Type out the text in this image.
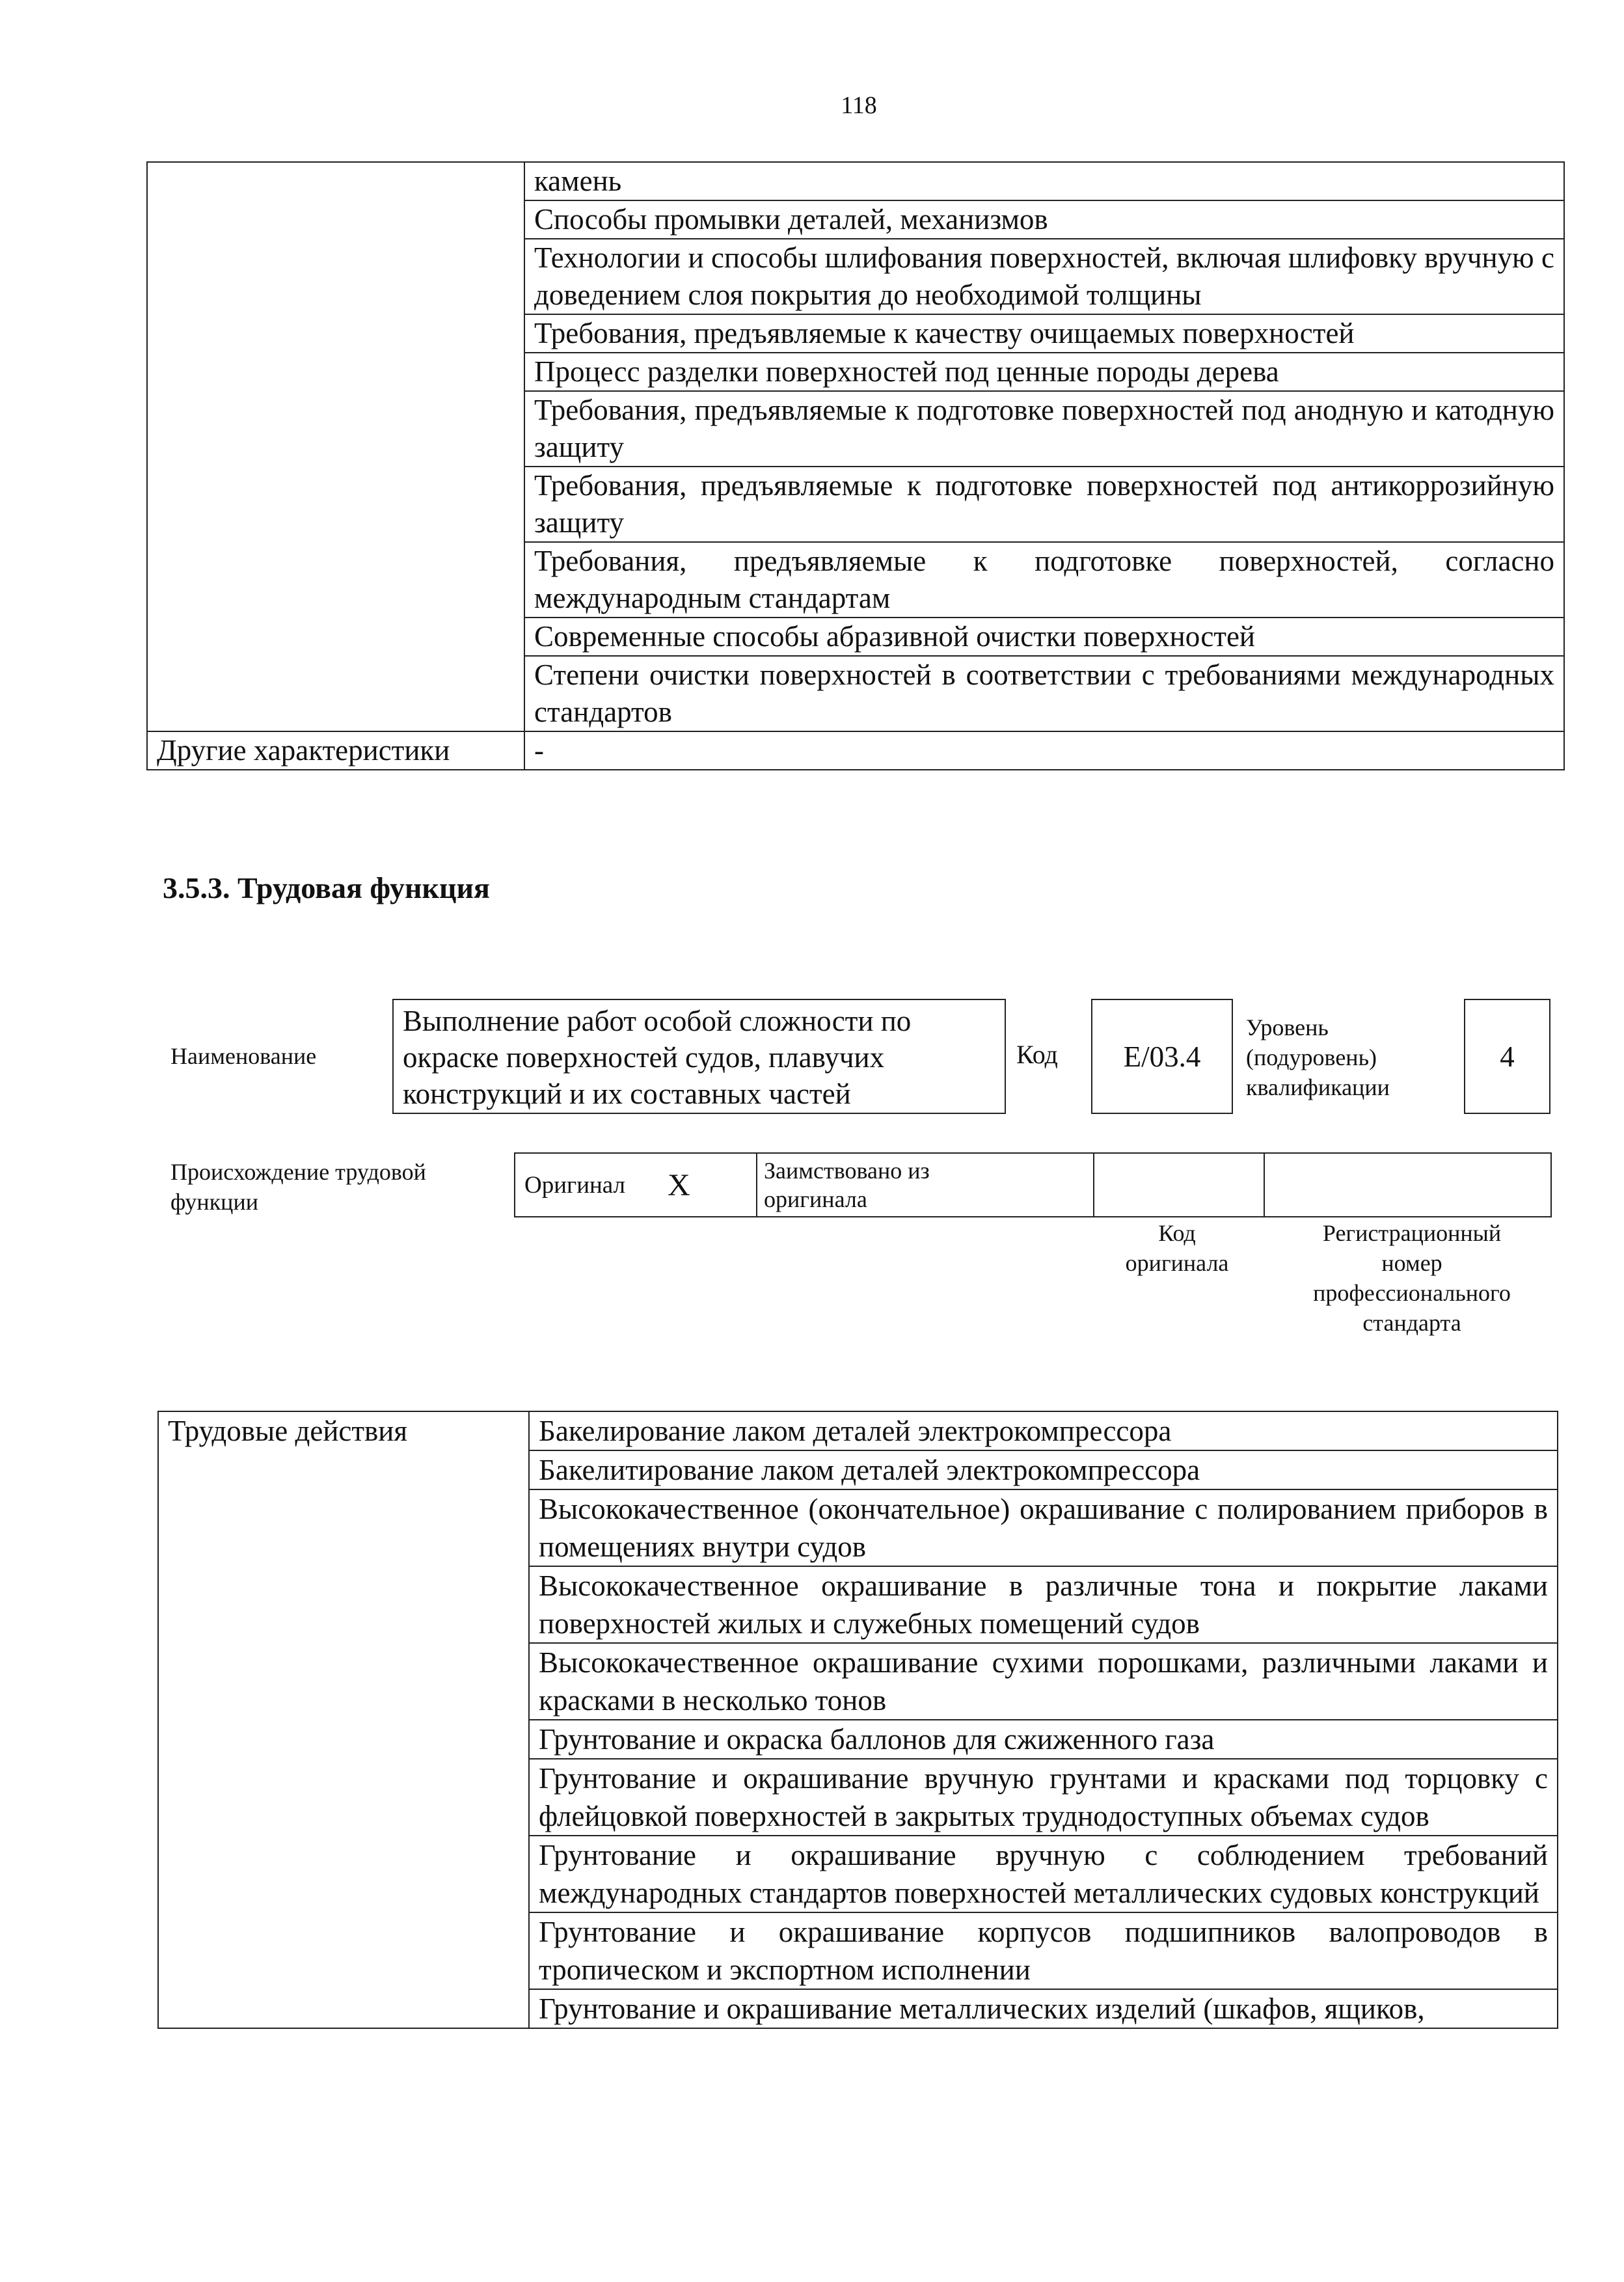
118
	камень
	Способы промывки деталей, механизмов
	Технологии и способы шлифования поверхностей, включая шлифовку вручную с доведением слоя покрытия до необходимой толщины
	Требования, предъявляемые к качеству очищаемых поверхностей
	Процесс разделки поверхностей под ценные породы дерева
	Требования, предъявляемые к подготовке поверхностей под анодную и катодную защиту
	Требования, предъявляемые к подготовке поверхностей под антикоррозийную защиту
	Требования, предъявляемые к подготовке поверхностей, согласно международным стандартам
	Современные способы абразивной очистки поверхностей
	Степени очистки поверхностей в соответствии с требованиями международных стандартов
Другие характеристики	-
3.5.3. Трудовая функция
Наименование
Выполнение работ особой сложности по окраске поверхностей судов, плавучих конструкций и их составных частей
Код E/03.4
Уровень
(подуровень)
квалификации
4
Происхождение трудовой
функции
Оригинал X	Заимствовано из
оригинала
Код
оригинала
Регистрационный
номер
профессионального
стандарта
Трудовые действия	Бакелирование лаком деталей электрокомпрессора
Бакелитирование лаком деталей электрокомпрессора
Высококачественное (окончательное) окрашивание с полированием приборов в помещениях внутри судов
Высококачественное окрашивание в различные тона и покрытие лаками поверхностей жилых и служебных помещений судов
Высококачественное окрашивание сухими порошками, различными лаками и красками в несколько тонов
Грунтование и окраска баллонов для сжиженного газа
Грунтование и окрашивание вручную грунтами и красками под торцовку с флейцовкой поверхностей в закрытых труднодоступных объемах судов
Грунтование и окрашивание вручную с соблюдением требований международных стандартов поверхностей металлических судовых конструкций
Грунтование и окрашивание корпусов подшипников валопроводов в тропическом и экспортном исполнении
Грунтование и окрашивание металлических изделий (шкафов, ящиков,
